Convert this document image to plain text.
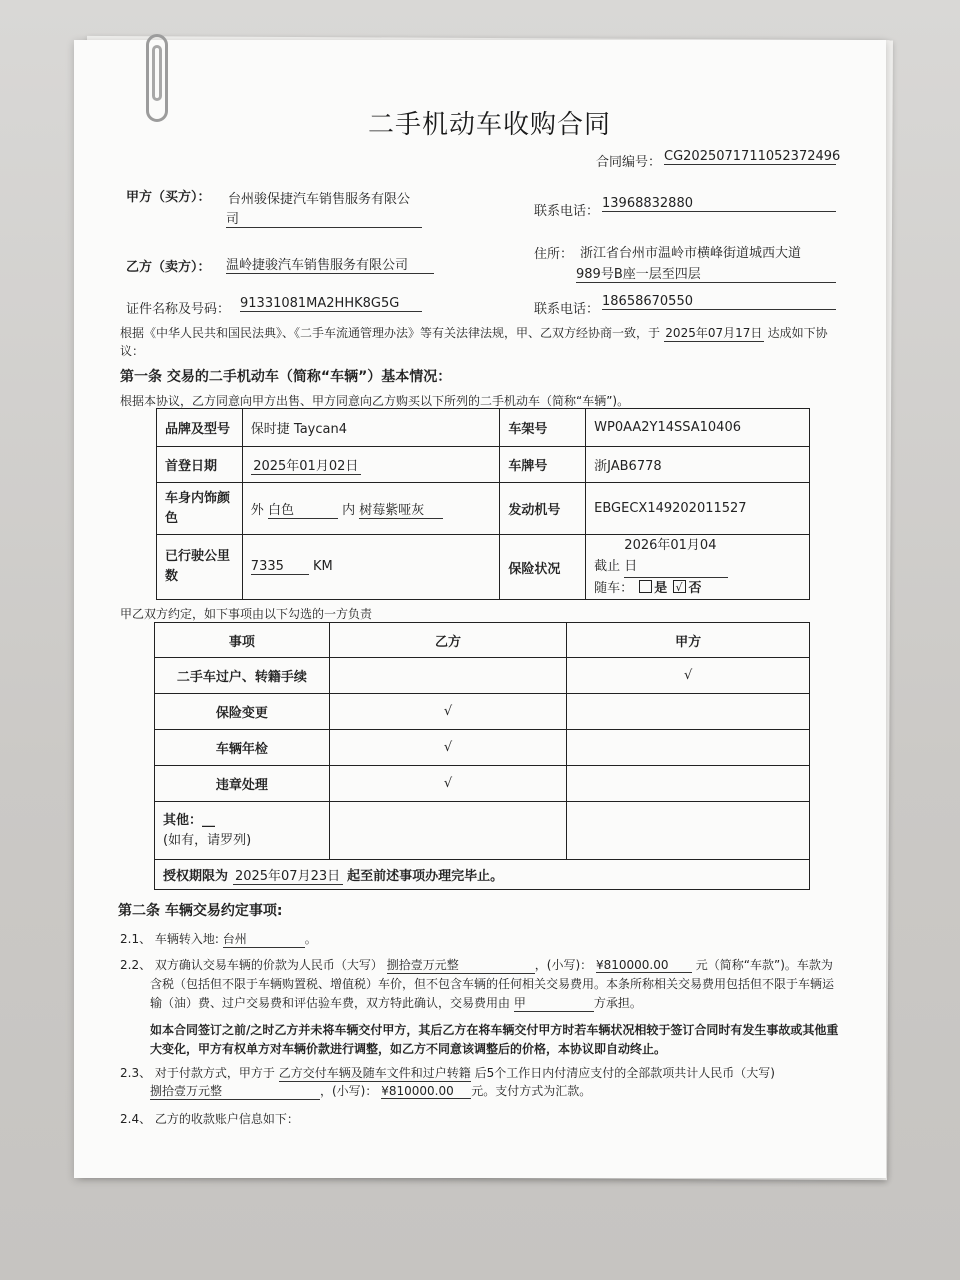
二手机动车收购合同
合同编号： CG2025071711052372496
甲方（买方）： 台州骏保捷汽车销售服务有限公
司
联系电话：
13968832880
乙方（卖方）： 温岭捷骏汽车销售服务有限公司
住所： 浙江省台州市温岭市横峰街道城西大道
989号B座一层至四层
证件名称及号码： 91331081MA2HHK8G5G	联系电话：
18658670550
根据《中华人民共和国民法典》、《二手车流通管理办法》等有关法律法规，甲、乙双方经协商一致，于 2025年07月17日 达成如下协
议：
第一条 交易的二手机动车（简称“车辆”）基本情况：
根据本协议，乙方同意向甲方出售、甲方同意向乙方购买以下所列的二手机动车（简称“车辆”)。
品牌及型号	保时捷 Taycan4	车架号	WP0AA2Y14SSA10406
首登日期	2025年01月02日	车牌号	浙JAB6778
车身内饰颜色	外 白色 内 树莓紫哑灰	发动机号	EBGECX149202011527
已行驶公里数	7335 KM	保险状况	截止 2026年01月04日
随车： 是 √ 否
甲乙双方约定，如下事项由以下勾选的一方负责
事项	乙方	甲方
二手车过户、转籍手续		√
保险变更	√	
车辆年检	√	
违章处理	√	

其他：__
(如有，请罗列)		

授权期限为 2025年07月23日 起至前述事项办理完毕止。		
第二条 车辆交易约定事项:
2.1、 车辆转入地: 台州	。
2.2、 双方确认交易车辆的价款为人民币（大写） 捌拾壹万元整	，(小写)： ¥810000.00 元（简称“车款”)。车款为
含税（包括但不限于车辆购置税、增值税）车价，但不包含车辆的任何相关交易费用。本条所称相关交易费用包括但不限于车辆运
输（油）费、过户交易费和评估验车费，双方特此确认，交易费用由 甲	方承担。
如本合同签订之前/之时乙方并未将车辆交付甲方，其后乙方在将车辆交付甲方时若车辆状况相较于签订合同时有发生事故或其他重
大变化，甲方有权单方对车辆价款进行调整，如乙方不同意该调整后的价格，本协议即自动终止。
2.3、 对于付款方式，甲方于 乙方交付车辆及随车文件和过户转籍 后5个工作日内付清应支付的全部款项共计人民币（大写)
捌拾壹万元整	，(小写)： ¥810000.00 元。支付方式为汇款。
2.4、 乙方的收款账户信息如下：
